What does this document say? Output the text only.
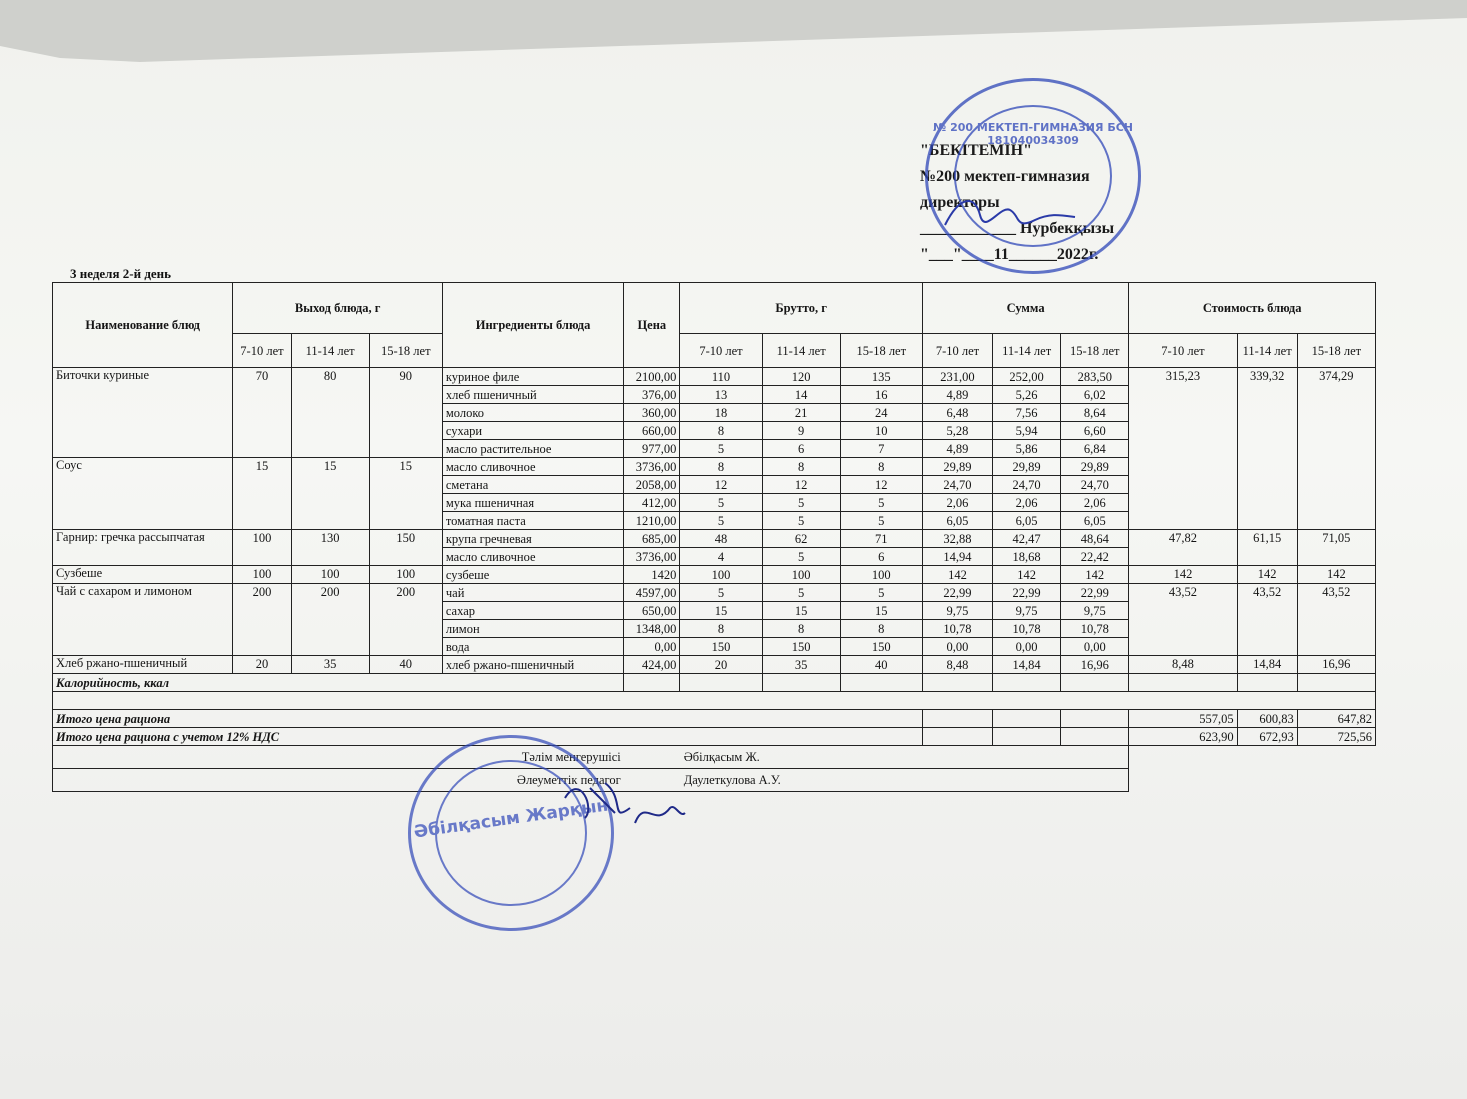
"БЕКІТЕМІН"
№200 мектеп-гимназия
директоры
____________ Нурбекқызы
"___"____11______2022г.
№ 200 МЕКТЕП-ГИМНАЗИЯ БСН 181040034309
3 неделя 2-й день
Наименование блюд	Выход блюда, г			Ингредиенты блюда	Цена	Брутто, г			Сумма			Стоимость блюда		
	7-10 лет	11-14 лет	15-18 лет			7-10 лет	11-14 лет	15-18 лет	7-10 лет	11-14 лет	15-18 лет	7-10 лет	11-14 лет	15-18 лет
Биточки куриные	70	80	90	куриное филе	2100,00	110	120	135	231,00	252,00	283,50	315,23	339,32	374,29
				хлеб пшеничный	376,00	13	14	16	4,89	5,26	6,02			
				молоко	360,00	18	21	24	6,48	7,56	8,64			
				сухари	660,00	8	9	10	5,28	5,94	6,60			
				масло растительное	977,00	5	6	7	4,89	5,86	6,84			
Соус	15	15	15	масло сливочное	3736,00	8	8	8	29,89	29,89	29,89			
				сметана	2058,00	12	12	12	24,70	24,70	24,70			
				мука пшеничная	412,00	5	5	5	2,06	2,06	2,06			
				томатная паста	1210,00	5	5	5	6,05	6,05	6,05			
Гарнир: гречка рассыпчатая	100	130	150	крупа гречневая	685,00	48	62	71	32,88	42,47	48,64	47,82	61,15	71,05
				масло сливочное	3736,00	4	5	6	14,94	18,68	22,42			
Сузбеше	100	100	100	сузбеше	1420	100	100	100	142	142	142	142	142	142
Чай с сахаром и лимоном	200	200	200	чай	4597,00	5	5	5	22,99	22,99	22,99	43,52	43,52	43,52
				сахар	650,00	15	15	15	9,75	9,75	9,75			
				лимон	1348,00	8	8	8	10,78	10,78	10,78			
				вода	0,00	150	150	150	0,00	0,00	0,00			
Хлеб ржано-пшеничный	20	35	40	хлеб ржано-пшеничный	424,00	20	35	40	8,48	14,84	16,96	8,48	14,84	16,96
Калорийность, ккал														

Итого цена рациона												557,05	600,83	647,82
Итого цена рациона с учетом 12% НДС												623,90	672,93	725,56
Тәлім менгерушісі					Әбілқасым Ж.									
Әлеуметтік педагог					Даулеткулова А.У.									
Әбілқасым Жарқын
